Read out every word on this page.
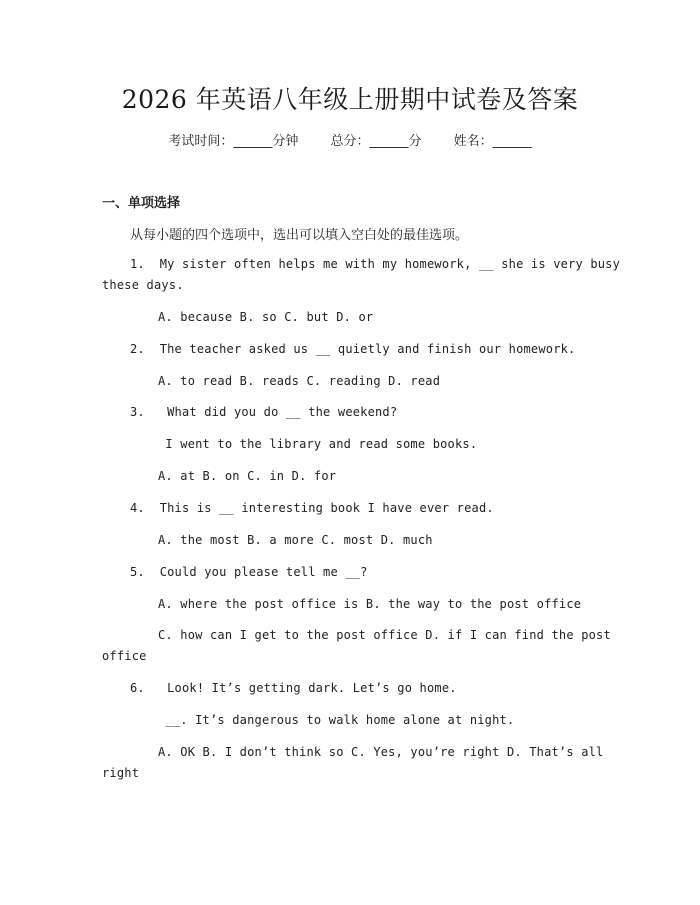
2026 年英语八年级上册期中试卷及答案
考试时间：______分钟 总分：______分 姓名：______
一、单项选择
从每小题的四个选项中，选出可以填入空白处的最佳选项。
1.  My sister often helps me with my homework, __ she is very busy
these days.
A. because B. so C. but D. or
2.  The teacher asked us __ quietly and finish our homework.
A. to read B. reads C. reading D. read
3.   What did you do __ the weekend?
I went to the library and read some books.
A. at B. on C. in D. for
4.  This is __ interesting book I have ever read.
A. the most B. a more C. most D. much
5.  Could you please tell me __?
A. where the post office is B. the way to the post office
C. how can I get to the post office D. if I can find the post
office
6.   Look! It’s getting dark. Let’s go home.
__. It’s dangerous to walk home alone at night.
A. OK B. I don’t think so C. Yes, you’re right D. That’s all
right
